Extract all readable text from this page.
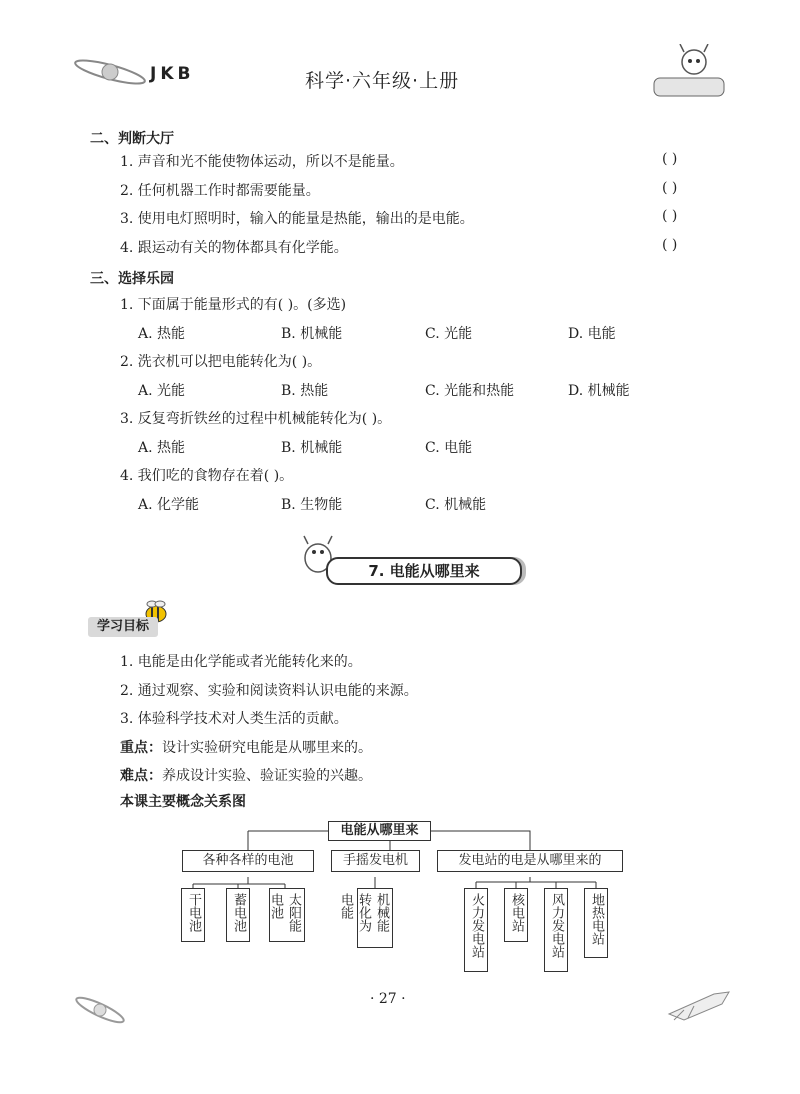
JKB	科学·六年级·上册
二、判断大厅
1. 声音和光不能使物体运动，所以不是能量。	( )
2. 任何机器工作时都需要能量。	( )
3. 使用电灯照明时，输入的能量是热能，输出的是电能。	( )
4. 跟运动有关的物体都具有化学能。	( )
三、选择乐园
1. 下面属于能量形式的有( )。(多选)
A. 热能	B. 机械能	C. 光能	D. 电能
2. 洗衣机可以把电能转化为( )。
A. 光能	B. 热能	C. 光能和热能	D. 机械能
3. 反复弯折铁丝的过程中机械能转化为( )。
A. 热能	B. 机械能	C. 电能
4. 我们吃的食物存在着( )。
A. 化学能	B. 生物能	C. 机械能
7. 电能从哪里来
学习目标
1. 电能是由化学能或者光能转化来的。
2. 通过观察、实验和阅读资料认识电能的来源。
3. 体验科学技术对人类生活的贡献。
重点：设计实验研究电能是从哪里来的。
难点：养成设计实验、验证实验的兴趣。
本课主要概念关系图
电能从哪里来
各种各样的电池	手摇发电机	发电站的电是从哪里来的
干电池	蓄电池	太阳能电池	机械能转化为电能	火力发电站	核电站	风力发电站	地热电站
· 27 ·
